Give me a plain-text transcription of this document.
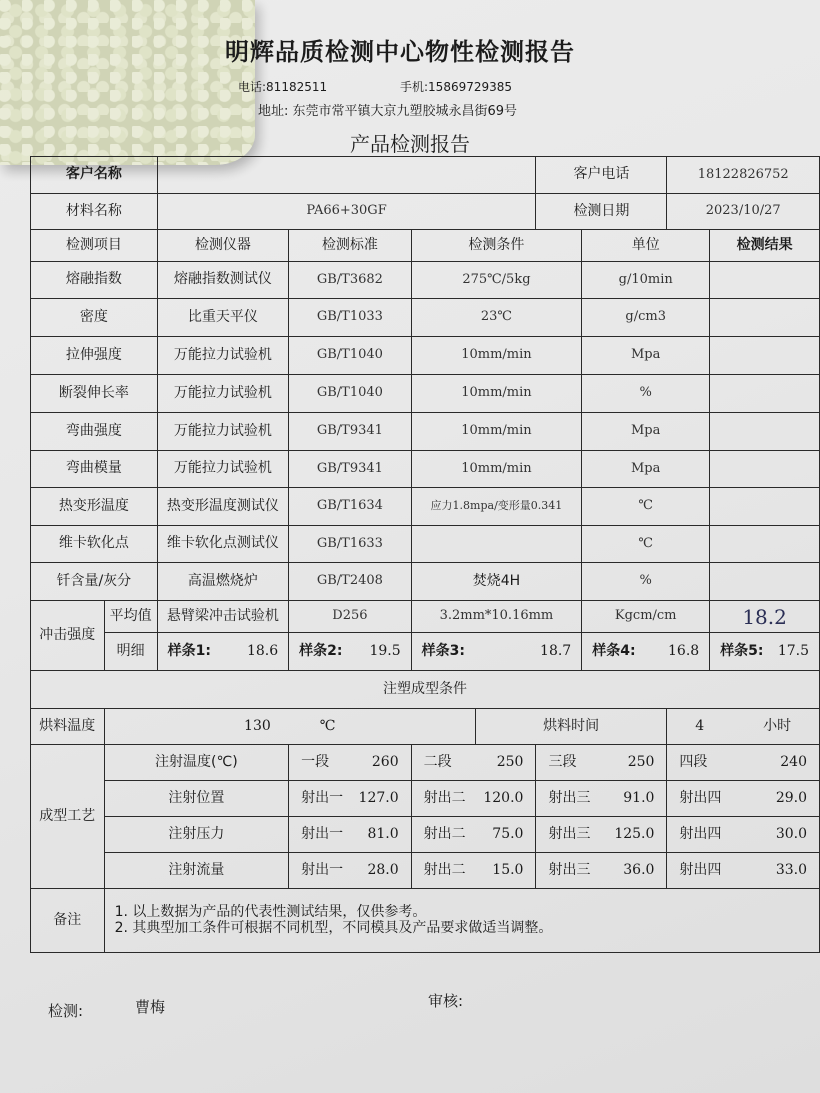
明辉品质检测中心物性检测报告
电话:81182511	手机:15869729385
地址: 东莞市常平镇大京九塑胶城永昌街69号
产品检测报告
客户名称						客户电话		18122826752	
材料名称		PA66+30GF				检测日期		2023/10/27	
检测项目		检测仪器	检测标准	检测条件			单位		检测结果
熔融指数		熔融指数测试仪	GB/T3682	275℃/5kg			g/10min		
密度		比重天平仪	GB/T1033	23℃			g/cm3		
拉伸强度		万能拉力试验机	GB/T1040	10mm/min			Mpa		
断裂伸长率		万能拉力试验机	GB/T1040	10mm/min			%		
弯曲强度		万能拉力试验机	GB/T9341	10mm/min			Mpa		
弯曲模量		万能拉力试验机	GB/T9341	10mm/min			Mpa		
热变形温度		热变形温度测试仪	GB/T1634	应力1.8mpa/变形量0.341			℃		
维卡软化点		维卡软化点测试仪	GB/T1633				℃		
钎含量/灰分		高温燃烧炉	GB/T2408	焚烧4H			%		
冲击强度	平均值	悬臂梁冲击试验机	D256	3.2mm*10.16mm			Kgcm/cm		18.2
	明细	样条1: 18.6	样条2: 19.5	样条3: 18.7			样条4: 16.8		样条5: 17.5

注塑成型条件									
烘料温度	130 ℃				烘料时间			4 小时	
成型工艺	注射温度(℃)		一段 260	二段 250		三段 250		四段 240	

	注射位置		射出一 127.0	射出二 120.0		射出三 91.0		射出四 29.0	

	注射压力		射出一 81.0	射出二 75.0		射出三 125.0		射出四 30.0	

	注射流量		射出一 28.0	射出二 15.0		射出三 36.0		射出四 33.0	

备注	1. 以上数据为产品的代表性测试结果，仅供参考。
2. 其典型加工条件可根据不同机型，不同模具及产品要求做适当调整。								
检测:	曹梅	审核:
